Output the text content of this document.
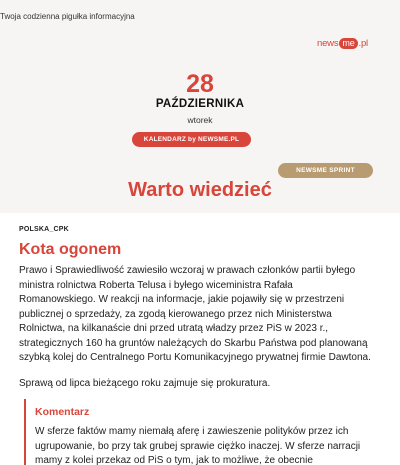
Twoja codzienna pigułka informacyjna
news me .pl
28
PAŹDZIERNIKA
wtorek
KALENDARZ by NEWSME.PL
NEWSME SPRINT
Warto wiedzieć
POLSKA_CPK
Kota ogonem

Prawo i Sprawiedliwość zawiesiło wczoraj w prawach członków partii byłego ministra rolnictwa Roberta Telusa i byłego wiceministra Rafała Romanowskiego. W reakcji na informacje, jakie pojawiły się w przestrzeni publicznej o sprzedaży, za zgodą kierowanego przez nich Ministerstwa Rolnictwa, na kilkanaście dni przed utratą władzy przez PiS w 2023 r., strategicznych 160 ha gruntów należących do Skarbu Państwa pod planowaną szybką kolej do Centralnego Portu Komunikacyjnego prywatnej firmie Dawtona.

Sprawą od lipca bieżącego roku zajmuje się prokuratura.

Komentarz

W sferze faktów mamy niemałą aferę i zawieszenie polityków przez ich ugrupowanie, bo przy tak grubej sprawie ciężko inaczej. W sferze narracji mamy z kolei przekaz od PiS o tym, jak to możliwe, że obecnie
